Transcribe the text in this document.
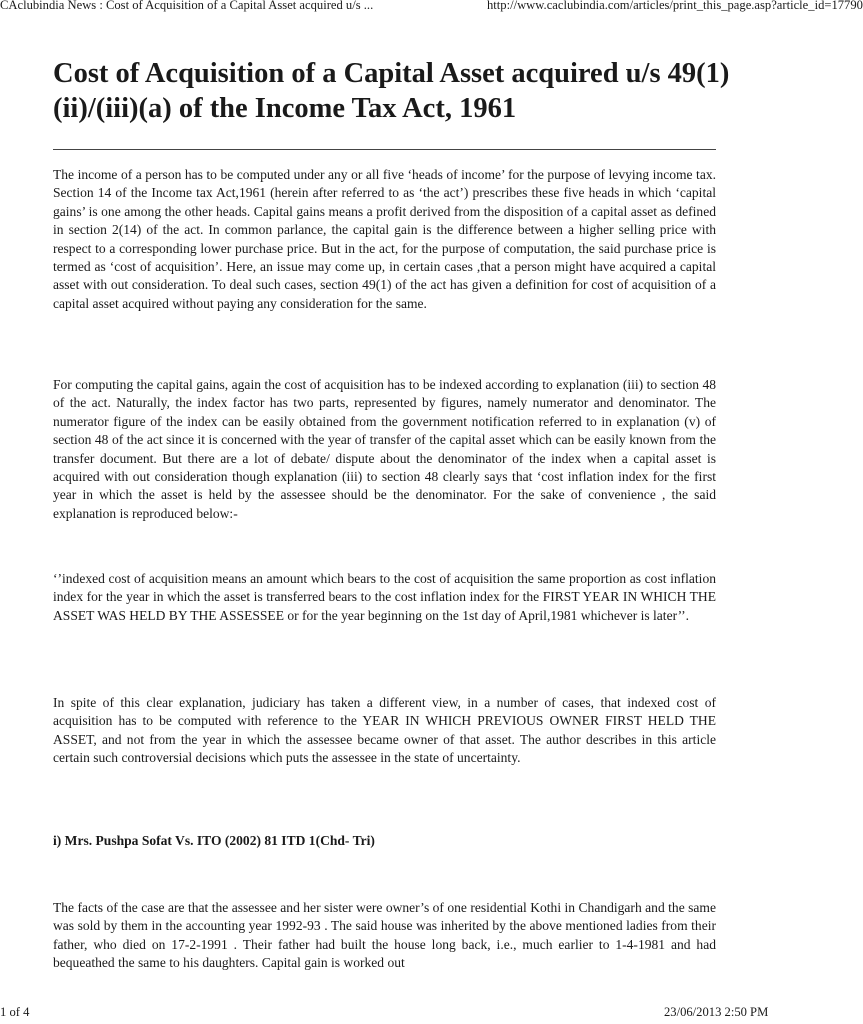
CAclubindia News : Cost of Acquisition of a Capital Asset acquired u/s ...	http://www.caclubindia.com/articles/print_this_page.asp?article_id=17790
Cost of Acquisition of a Capital Asset acquired u/s 49(1)(ii)/(iii)(a) of the Income Tax Act, 1961

The income of a person has to be computed under any or all five ‘heads of income’ for the purpose of levying income tax. Section 14 of the Income tax Act,1961 (herein after referred to as ‘the act’) prescribes these five heads in which ‘capital gains’ is one among the other heads. Capital gains means a profit derived from the disposition of a capital asset as defined in section 2(14) of the act. In common parlance, the capital gain is the difference between a higher selling price with respect to a corresponding lower purchase price. But in the act, for the purpose of computation, the said purchase price is termed as ‘cost of acquisition’. Here, an issue may come up, in certain cases ,that a person might have acquired a capital asset with out consideration. To deal such cases, section 49(1) of the act has given a definition for cost of acquisition of a capital asset acquired without paying any consideration for the same.

For computing the capital gains, again the cost of acquisition has to be indexed according to explanation (iii) to section 48 of the act. Naturally, the index factor has two parts, represented by figures, namely numerator and denominator. The numerator figure of the index can be easily obtained from the government notification referred to in explanation (v) of section 48 of the act since it is concerned with the year of transfer of the capital asset which can be easily known from the transfer document. But there are a lot of debate/ dispute about the denominator of the index when a capital asset is acquired with out consideration though explanation (iii) to section 48 clearly says that ‘cost inflation index for the first year in which the asset is held by the assessee should be the denominator. For the sake of convenience , the said explanation is reproduced below:-

‘’indexed cost of acquisition means an amount which bears to the cost of acquisition the same proportion as cost inflation index for the year in which the asset is transferred bears to the cost inflation index for the FIRST YEAR IN WHICH THE ASSET WAS HELD BY THE ASSESSEE or for the year beginning on the 1st day of April,1981 whichever is later’’.

In spite of this clear explanation, judiciary has taken a different view, in a number of cases, that indexed cost of acquisition has to be computed with reference to the YEAR IN WHICH PREVIOUS OWNER FIRST HELD THE ASSET, and not from the year in which the assessee became owner of that asset. The author describes in this article certain such controversial decisions which puts the assessee in the state of uncertainty.

i) Mrs. Pushpa Sofat Vs. ITO (2002) 81 ITD 1(Chd- Tri)

The facts of the case are that the assessee and her sister were owner’s of one residential Kothi in Chandigarh and the same was sold by them in the accounting year 1992-93 . The said house was inherited by the above mentioned ladies from their father, who died on 17-2-1991 . Their father had built the house long back, i.e., much earlier to 1-4-1981 and had bequeathed the same to his daughters. Capital gain is worked out

1 of 4	23/06/2013 2:50 PM
